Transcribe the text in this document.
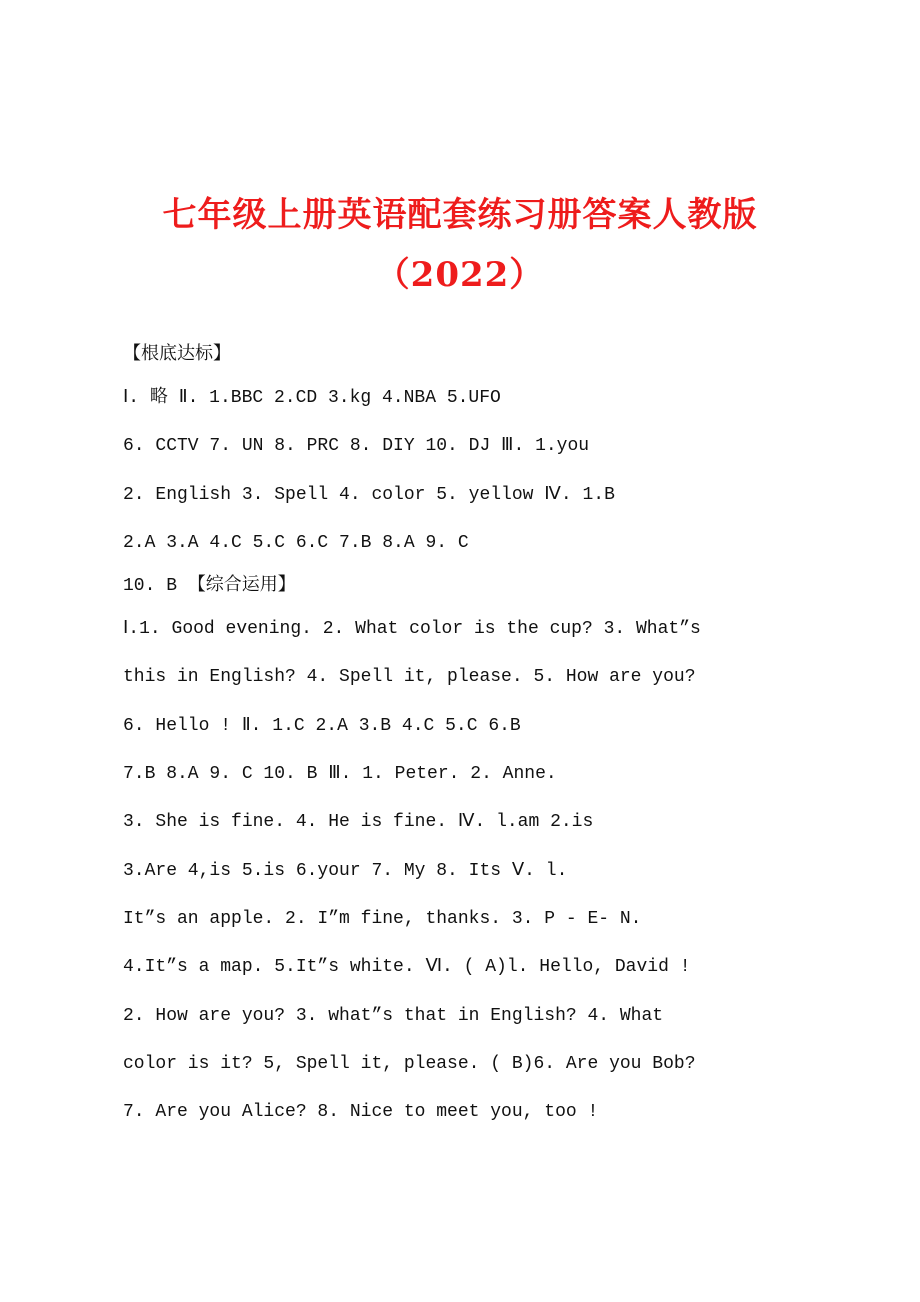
七年级上册英语配套练习册答案人教版
（2022）
【根底达标】
Ⅰ. 略 Ⅱ. 1.BBC 2.CD 3.kg 4.NBA 5.UFO
6. CCTV 7. UN 8. PRC 8. DIY 10. DJ Ⅲ. 1.you
2. English 3. Spell 4. color 5. yellow Ⅳ. 1.B
2.A 3.A 4.C 5.C 6.C 7.B 8.A 9. C
10. B 【综合运用】
Ⅰ.1. Good evening. 2. What color is the cup? 3. What”s
this in English? 4. Spell it, please. 5. How are you?
6. Hello ! Ⅱ. 1.C 2.A 3.B 4.C 5.C 6.B
7.B 8.A 9. C 10. B Ⅲ. 1. Peter. 2. Anne.
3. She is fine. 4. He is fine. Ⅳ. l.am 2.is
3.Are 4,is 5.is 6.your 7. My 8. Its Ⅴ. l.
It”s an apple. 2. I”m fine, thanks. 3. P - E- N.
4.It”s a map. 5.It”s white. Ⅵ. ( A)l. Hello, David !
2. How are you? 3. what”s that in English? 4. What
color is it? 5, Spell it, please. ( B)6. Are you Bob?
7. Are you Alice? 8. Nice to meet you, too !
